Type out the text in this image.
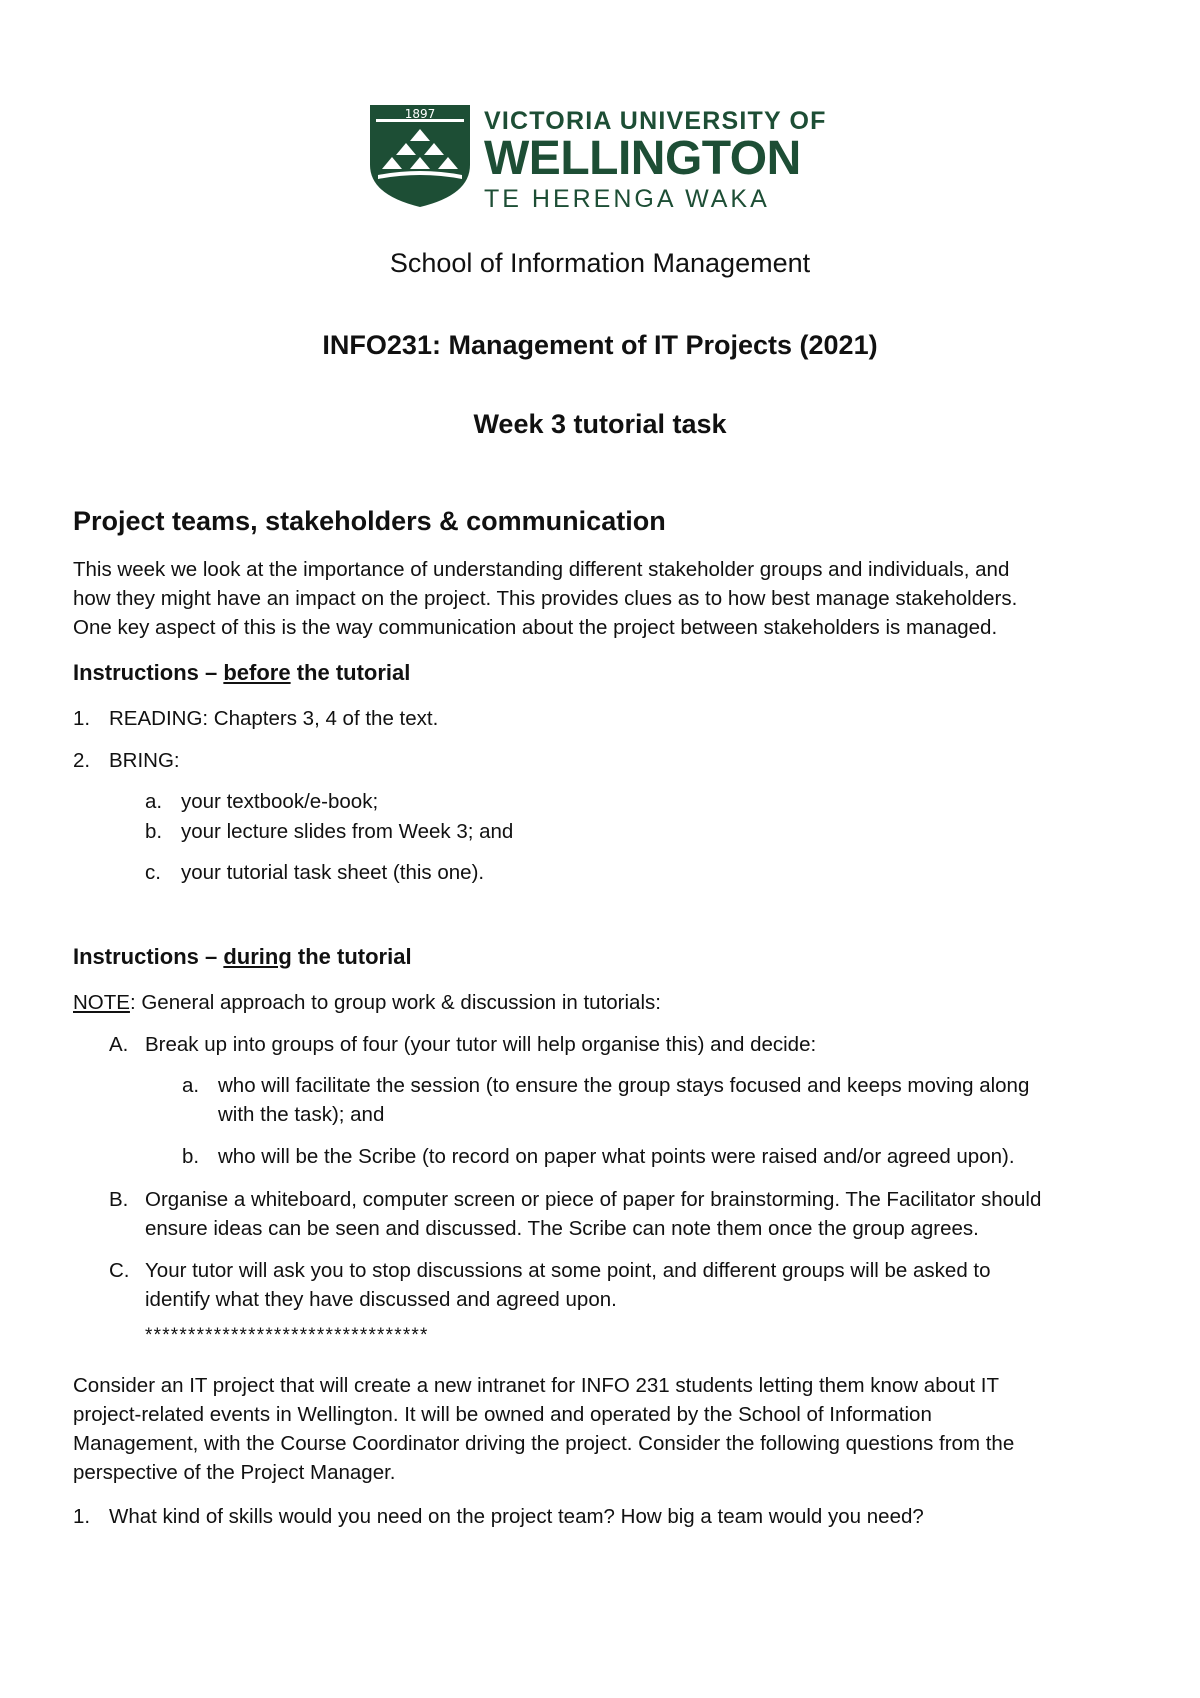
1897	VICTORIA UNIVERSITY OF
WELLINGTON
TE HERENGA WAKA
School of Information Management
INFO231: Management of IT Projects (2021)
Week 3 tutorial task
Project teams, stakeholders & communication
This week we look at the importance of understanding different stakeholder groups and individuals, and
how they might have an impact on the project. This provides clues as to how best manage stakeholders.
One key aspect of this is the way communication about the project between stakeholders is managed.
Instructions – before the tutorial
1. READING: Chapters 3, 4 of the text.
2. BRING:
a. your textbook/e-book;
b. your lecture slides from Week 3; and
c. your tutorial task sheet (this one).
Instructions – during the tutorial
NOTE: General approach to group work & discussion in tutorials:
A. Break up into groups of four (your tutor will help organise this) and decide:
a. who will facilitate the session (to ensure the group stays focused and keeps moving along
with the task); and
b. who will be the Scribe (to record on paper what points were raised and/or agreed upon).
B. Organise a whiteboard, computer screen or piece of paper for brainstorming. The Facilitator should
ensure ideas can be seen and discussed. The Scribe can note them once the group agrees.
C. Your tutor will ask you to stop discussions at some point, and different groups will be asked to
identify what they have discussed and agreed upon.
*********************************
Consider an IT project that will create a new intranet for INFO 231 students letting them know about IT
project-related events in Wellington. It will be owned and operated by the School of Information
Management, with the Course Coordinator driving the project. Consider the following questions from the
perspective of the Project Manager.
1. What kind of skills would you need on the project team? How big a team would you need?
